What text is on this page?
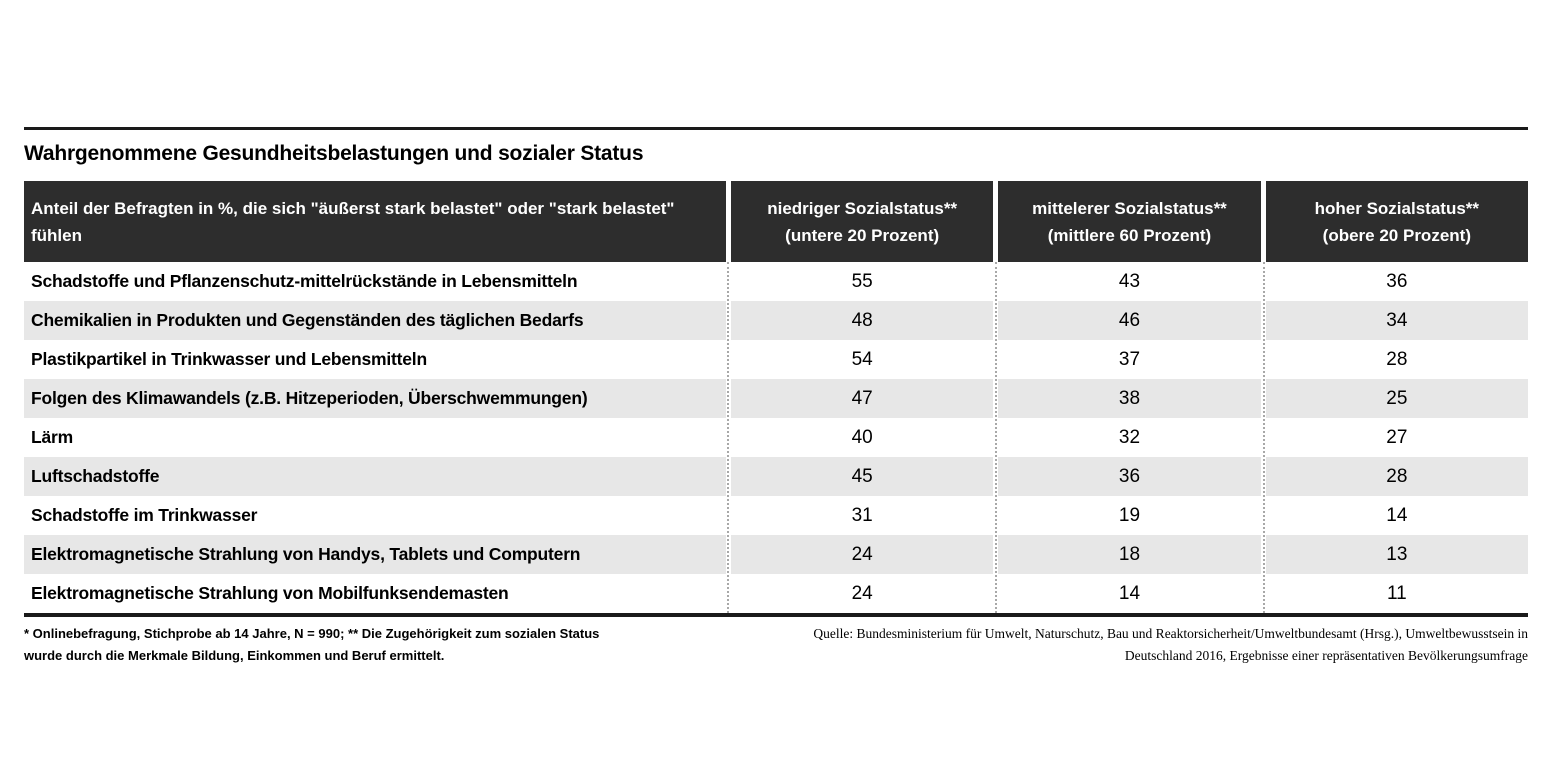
Wahrgenommene Gesundheitsbelastungen und sozialer Status
Anteil der Befragten in %, die sich "äußerst stark belastet" oder "stark belastet" fühlen
niedriger Sozialstatus**
(untere 20 Prozent)
mittelerer Sozialstatus**
(mittlere 60 Prozent)
hoher Sozialstatus**
(obere 20 Prozent)
Schadstoffe und Pflanzenschutz-mittelrückstände in Lebensmitteln	55	43	36
Chemikalien in Produkten und Gegenständen des täglichen Bedarfs	48	46	34
Plastikpartikel in Trinkwasser und Lebensmitteln	54	37	28
Folgen des Klimawandels (z.B. Hitzeperioden, Überschwemmungen)	47	38	25
Lärm	40	32	27
Luftschadstoffe	45	36	28
Schadstoffe im Trinkwasser	31	19	14
Elektromagnetische Strahlung von Handys, Tablets und Computern	24	18	13
Elektromagnetische Strahlung von Mobilfunksendemasten	24	14	11
* Onlinebefragung, Stichprobe ab 14 Jahre, N = 990; ** Die Zugehörigkeit zum sozialen Status
wurde durch die Merkmale Bildung, Einkommen und Beruf ermittelt.
Quelle: Bundesministerium für Umwelt, Naturschutz, Bau und Reaktorsicherheit/Umweltbundesamt (Hrsg.), Umweltbewusstsein in
Deutschland 2016, Ergebnisse einer repräsentativen Bevölkerungsumfrage
